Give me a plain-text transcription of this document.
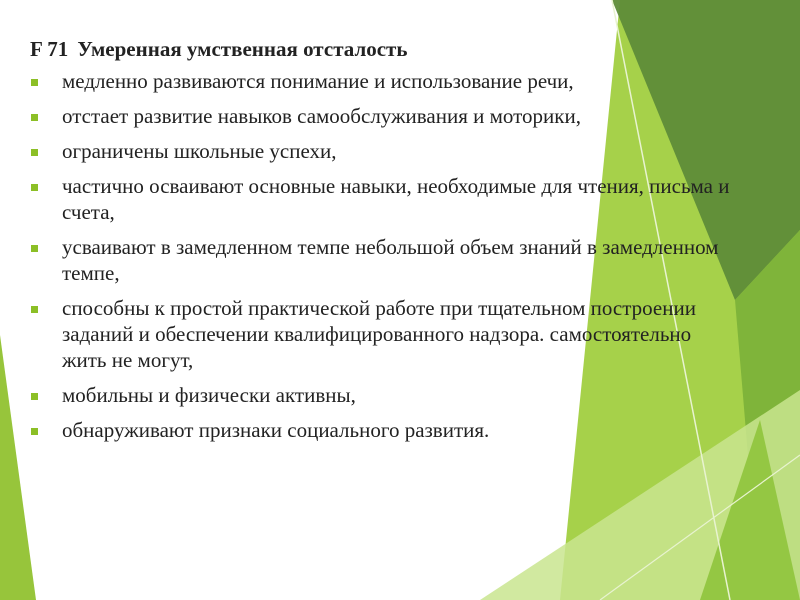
F 71 Умеренная умственная отсталость
медленно развиваются понимание и использование речи,
отстает развитие навыков самообслуживания и моторики,
ограничены школьные успехи,
частично осваивают основные навыки, необходимые для чтения, письма и счета,
усваивают в замедленном темпе небольшой объем знаний в замедленном темпе,
способны к простой практической работе при тщательном построении заданий и обеспечении квалифицированного надзора. самостоятельно жить не могут,
мобильны и физически активны,
обнаруживают признаки социального развития.
